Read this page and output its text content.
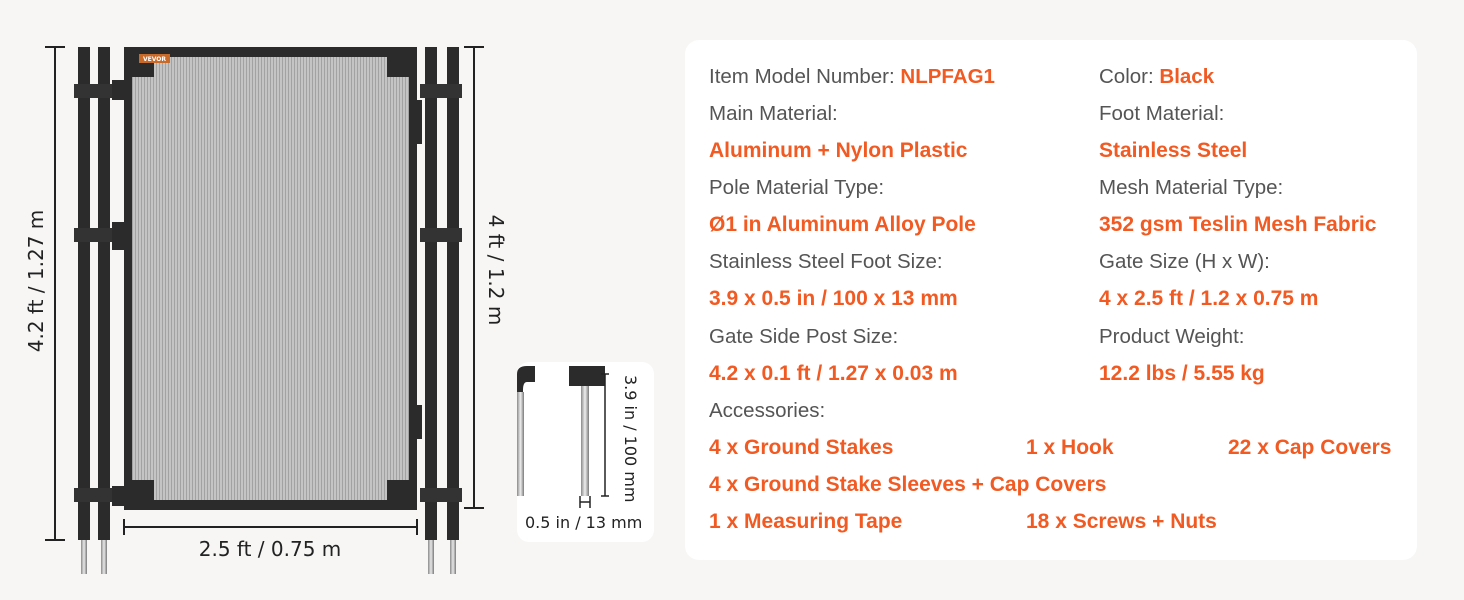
VEVOR
4.2 ft / 1.27 m	4 ft / 1.2 m
2.5 ft / 0.75 m
3.9 in / 100 mm
0.5 in / 13 mm
Item Model Number: NLPFAG1	Color: Black
Main Material:	Foot Material:
Aluminum + Nylon Plastic	Stainless Steel
Pole Material Type:	Mesh Material Type:
Ø1 in Aluminum Alloy Pole	352 gsm Teslin Mesh Fabric
Stainless Steel Foot Size:	Gate Size (H x W):
3.9 x 0.5 in / 100 x 13 mm	4 x 2.5 ft / 1.2 x 0.75 m
Gate Side Post Size:	Product Weight:
4.2 x 0.1 ft / 1.27 x 0.03 m	12.2 lbs / 5.55 kg
Accessories:
4 x Ground Stakes	1 x Hook	22 x Cap Covers
4 x Ground Stake Sleeves + Cap Covers
1 x Measuring Tape	18 x Screws + Nuts
